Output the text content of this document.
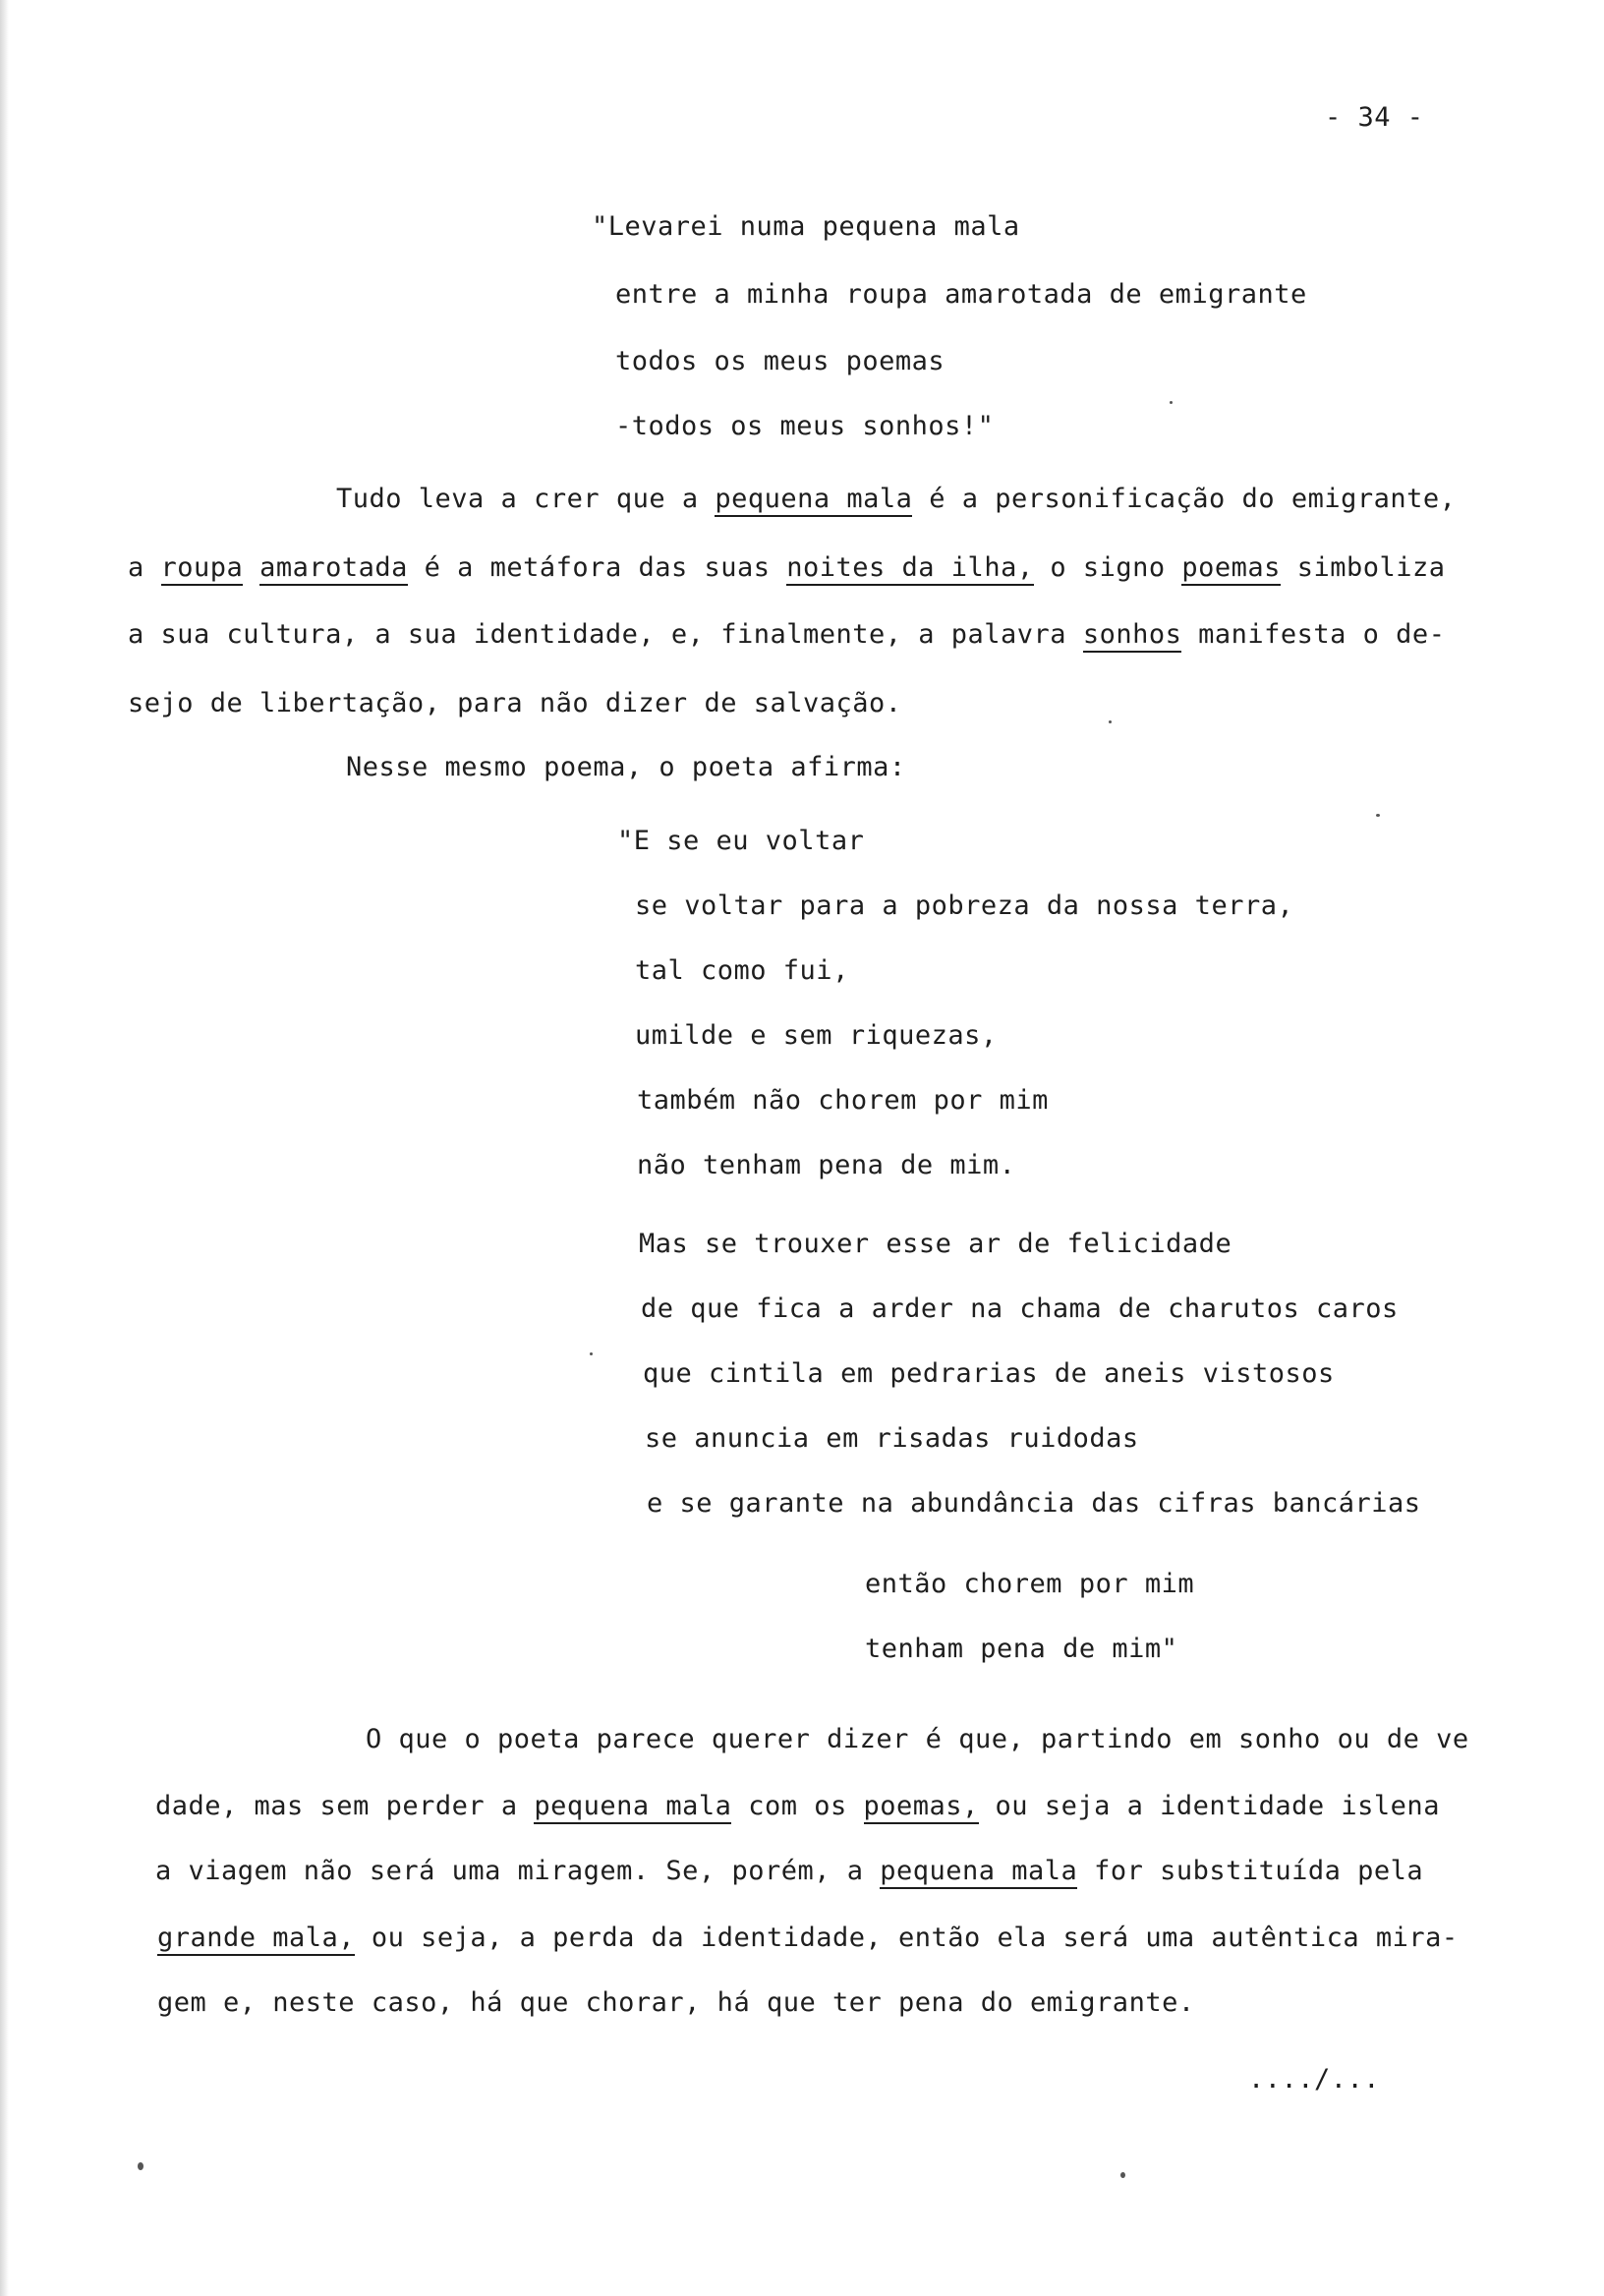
- 34 -
"Levarei numa pequena mala
entre a minha roupa amarotada de emigrante
todos os meus poemas
-todos os meus sonhos!"
Tudo leva a crer que a pequena mala é a personificação do emigrante,
a roupa amarotada é a metáfora das suas noites da ilha, o signo poemas simboliza
a sua cultura, a sua identidade, e, finalmente, a palavra sonhos manifesta o de-
sejo de libertação, para não dizer de salvação.
Nesse mesmo poema, o poeta afirma:
"E se eu voltar
se voltar para a pobreza da nossa terra,
tal como fui,
umilde e sem riquezas,
também não chorem por mim
não tenham pena de mim.
Mas se trouxer esse ar de felicidade
de que fica a arder na chama de charutos caros
que cintila em pedrarias de aneis vistosos
se anuncia em risadas ruidodas
e se garante na abundância das cifras bancárias
então chorem por mim
tenham pena de mim"
O que o poeta parece querer dizer é que, partindo em sonho ou de ve
dade, mas sem perder a pequena mala com os poemas, ou seja a identidade islena
a viagem não será uma miragem. Se, porém, a pequena mala for substituída pela
grande mala, ou seja, a perda da identidade, então ela será uma autêntica mira-
gem e, neste caso, há que chorar, há que ter pena do emigrante.
..../...
